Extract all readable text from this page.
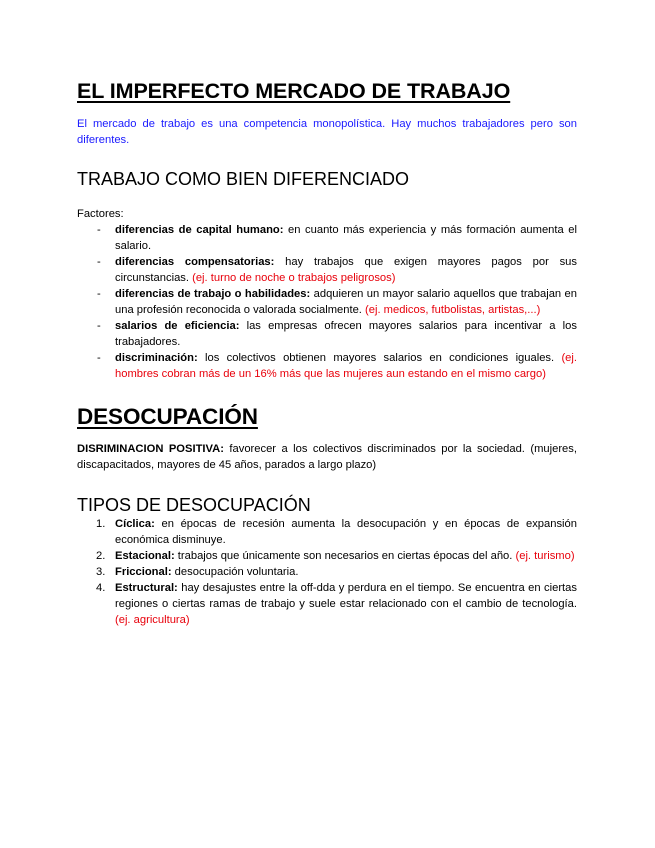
EL IMPERFECTO MERCADO DE TRABAJO

El mercado de trabajo es una competencia monopolística. Hay muchos trabajadores pero son diferentes.

TRABAJO COMO BIEN DIFERENCIADO

Factores:

- diferencias de capital humano: en cuanto más experiencia y más formación aumenta el salario.
- diferencias compensatorias: hay trabajos que exigen mayores pagos por sus circunstancias. (ej. turno de noche o trabajos peligrosos)
- diferencias de trabajo o habilidades: adquieren un mayor salario aquellos que trabajan en una profesión reconocida o valorada socialmente. (ej. medicos, futbolistas, artistas,...)
- salarios de eficiencia: las empresas ofrecen mayores salarios para incentivar a los trabajadores.
- discriminación: los colectivos obtienen mayores salarios en condiciones iguales. (ej. hombres cobran más de un 16% más que las mujeres aun estando en el mismo cargo)
DESOCUPACIÓN

DISRIMINACION POSITIVA: favorecer a los colectivos discriminados por la sociedad. (mujeres, discapacitados, mayores de 45 años, parados a largo plazo)

TIPOS DE DESOCUPACIÓN
1. Cíclica: en épocas de recesión aumenta la desocupación y en épocas de expansión económica disminuye.
2. Estacional: trabajos que únicamente son necesarios en ciertas épocas del año. (ej. turismo)
3. Friccional: desocupación voluntaria.
4. Estructural: hay desajustes entre la off-dda y perdura en el tiempo. Se encuentra en ciertas regiones o ciertas ramas de trabajo y suele estar relacionado con el cambio de tecnología. (ej. agricultura)
